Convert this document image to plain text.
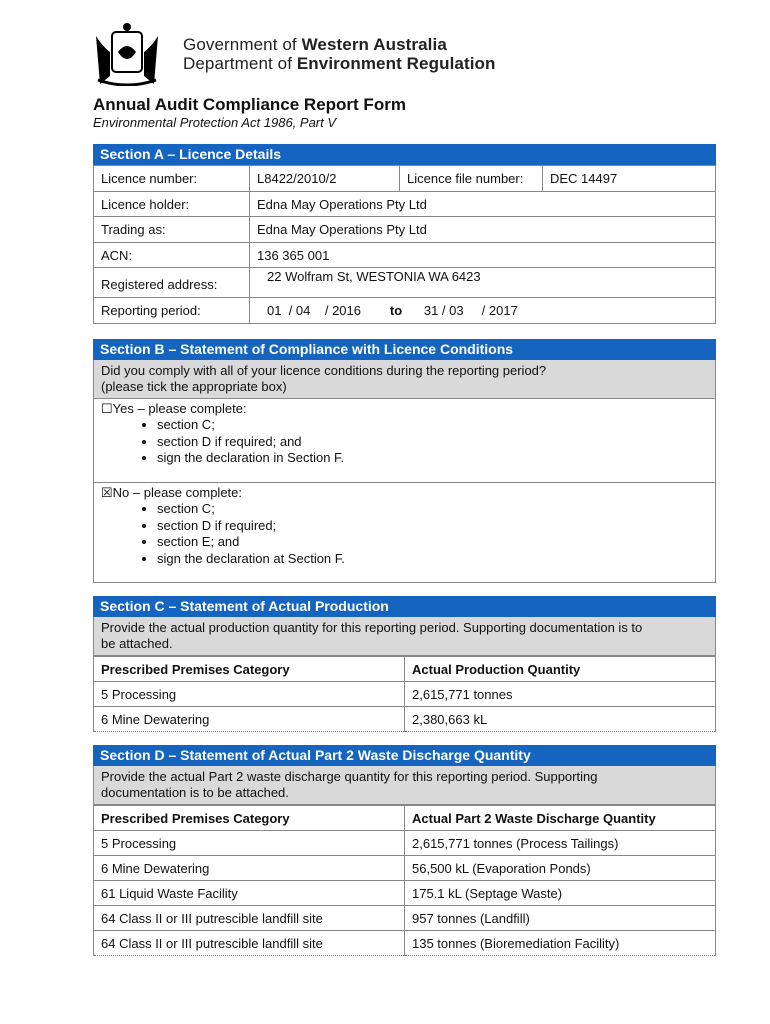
Government of Western Australia
Department of Environment Regulation
Annual Audit Compliance Report Form
Environmental Protection Act 1986, Part V
Section A – Licence Details
Licence number:	L8422/2010/2	Licence file number:	DEC 14497
Licence holder:	Edna May Operations Pty Ltd		
Trading as:	Edna May Operations Pty Ltd		
ACN:	136 365 001		
Registered address:	22 Wolfram St, WESTONIA WA 6423		
Reporting period:	01  / 04    / 2016 to 31 / 03     / 2017		
Section B – Statement of Compliance with Licence Conditions
Did you comply with all of your licence conditions during the reporting period?
(please tick the appropriate box)
☐Yes – please complete:
• section C;
• section D if required; and
• sign the declaration in Section F.
☒No – please complete:
• section C;
• section D if required;
• section E; and
• sign the declaration at Section F.
Section C – Statement of Actual Production
Provide the actual production quantity for this reporting period. Supporting documentation is to
be attached.
Prescribed Premises Category	Actual Production Quantity
5 Processing	2,615,771 tonnes
6 Mine Dewatering	2,380,663 kL
Section D – Statement of Actual Part 2 Waste Discharge Quantity
Provide the actual Part 2 waste discharge quantity for this reporting period. Supporting
documentation is to be attached.
Prescribed Premises Category	Actual Part 2 Waste Discharge Quantity
5 Processing	2,615,771 tonnes (Process Tailings)
6 Mine Dewatering	56,500 kL (Evaporation Ponds)
61 Liquid Waste Facility	175.1 kL (Septage Waste)
64 Class II or III putrescible landfill site	957 tonnes (Landfill)
64 Class II or III putrescible landfill site	135 tonnes (Bioremediation Facility)
